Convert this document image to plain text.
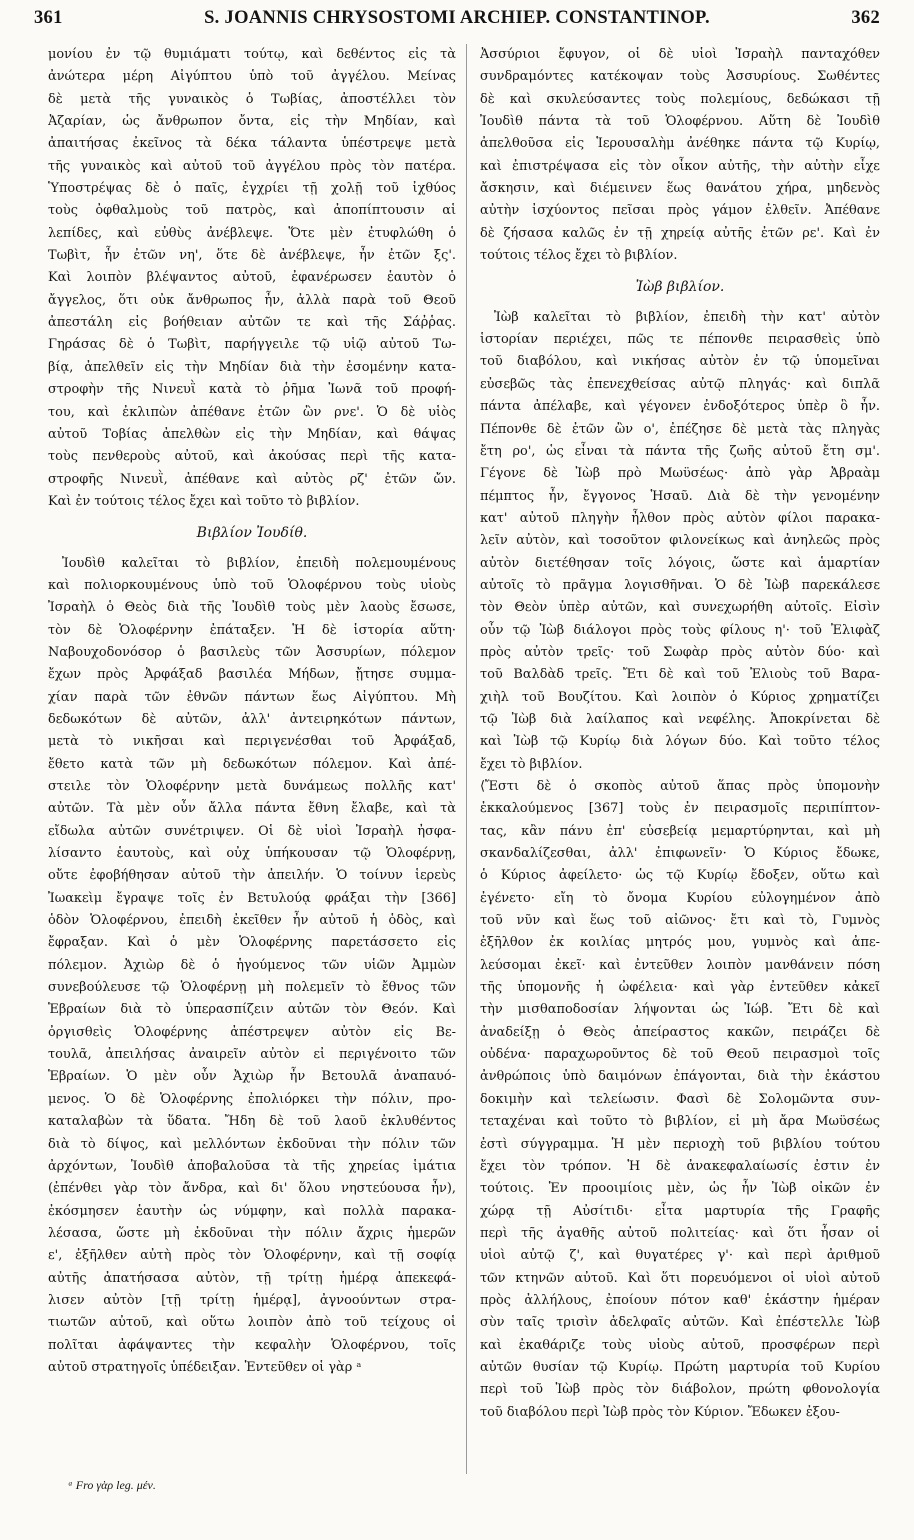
361	S. JOANNIS CHRYSOSTOMI ARCHIEP. CONSTANTINOP.	362
μονίου ἐν τῷ θυμιάματι τούτῳ, καὶ δεθέντος εἰς τὰ
ἀνώτερα μέρη Αἰγύπτου ὑπὸ τοῦ ἀγγέλου. Μείνας
δὲ μετὰ τῆς γυναικὸς ὁ Τωβίας, ἀποστέλλει τὸν
Ἀζαρίαν, ὡς ἄνθρωπον ὄντα, εἰς τὴν Μηδίαν, καὶ
ἀπαιτήσας ἐκεῖνος τὰ δέκα τάλαντα ὑπέστρεψε μετὰ
τῆς γυναικὸς καὶ αὐτοῦ τοῦ ἀγγέλου πρὸς τὸν πατέρα.
Ὑποστρέψας δὲ ὁ παῖς, ἐγχρίει τῇ χολῇ τοῦ ἰχθύος
τοὺς ὀφθαλμοὺς τοῦ πατρὸς, καὶ ἀποπίπτουσιν αἱ
λεπίδες, καὶ εὐθὺς ἀνέβλεψε. Ὅτε μὲν ἐτυφλώθη ὁ
Τωβὶτ, ἦν ἐτῶν νη', ὅτε δὲ ἀνέβλεψε, ἦν ἐτῶν ξς'.
Καὶ λοιπὸν βλέψαντος αὐτοῦ, ἐφανέρωσεν ἑαυτὸν ὁ
ἄγγελος, ὅτι οὐκ ἄνθρωπος ἦν, ἀλλὰ παρὰ τοῦ Θεοῦ
ἀπεστάλη εἰς βοήθειαν αὐτῶν τε καὶ τῆς Σάῤῥας.
Γηράσας δὲ ὁ Τωβὶτ, παρήγγειλε τῷ υἱῷ αὐτοῦ Τω-
βίᾳ, ἀπελθεῖν εἰς τὴν Μηδίαν διὰ τὴν ἐσομένην κατα-
στροφὴν τῆς Νινευῒ κατὰ τὸ ῥῆμα Ἰωνᾶ τοῦ προφή-
του, καὶ ἐκλιπὼν ἀπέθανε ἐτῶν ὢν ρνε'. Ὁ δὲ υἱὸς
αὐτοῦ Τοβίας ἀπελθὼν εἰς τὴν Μηδίαν, καὶ θάψας
τοὺς πενθεροὺς αὐτοῦ, καὶ ἀκούσας περὶ τῆς κατα-
στροφῆς Νινευῒ, ἀπέθανε καὶ αὐτὸς ρζ' ἐτῶν ὤν.
Καὶ ἐν τούτοις τέλος ἔχει καὶ τοῦτο τὸ βιβλίον.
Βιβλίον Ἰουδίθ.
Ἰουδὶθ καλεῖται τὸ βιβλίον, ἐπειδὴ πολεμουμένους
καὶ πολιορκουμένους ὑπὸ τοῦ Ὁλοφέρνου τοὺς υἱοὺς
Ἰσραὴλ ὁ Θεὸς διὰ τῆς Ἰουδὶθ τοὺς μὲν λαοὺς ἔσωσε,
τὸν δὲ Ὁλοφέρνην ἐπάταξεν. Ἡ δὲ ἱστορία αὕτη·
Ναβουχοδονόσορ ὁ βασιλεὺς τῶν Ἀσσυρίων, πόλεμον
ἔχων πρὸς Ἀρφάξαδ βασιλέα Μήδων, ᾔτησε συμμα-
χίαν παρὰ τῶν ἐθνῶν πάντων ἕως Αἰγύπτου. Μὴ
δεδωκότων δὲ αὐτῶν, ἀλλ' ἀντειρηκότων πάντων,
μετὰ τὸ νικῆσαι καὶ περιγενέσθαι τοῦ Ἀρφάξαδ,
ἔθετο κατὰ τῶν μὴ δεδωκότων πόλεμον. Καὶ ἀπέ-
στειλε τὸν Ὁλοφέρνην μετὰ δυνάμεως πολλῆς κατ'
αὐτῶν. Τὰ μὲν οὖν ἄλλα πάντα ἔθνη ἔλαβε, καὶ τὰ
εἴδωλα αὐτῶν συνέτριψεν. Οἱ δὲ υἱοὶ Ἰσραὴλ ἠσφα-
λίσαντο ἑαυτοὺς, καὶ οὐχ ὑπήκουσαν τῷ Ὁλοφέρνῃ,
οὔτε ἐφοβήθησαν αὐτοῦ τὴν ἀπειλήν. Ὁ τοίνυν ἱερεὺς
Ἰωακεὶμ ἔγραψε τοῖς ἐν Βετυλούᾳ φράξαι τὴν [366]
ὁδὸν Ὁλοφέρνου, ἐπειδὴ ἐκεῖθεν ἦν αὐτοῦ ἡ ὁδὸς, καὶ
ἔφραξαν. Καὶ ὁ μὲν Ὁλοφέρνης παρετάσσετο εἰς
πόλεμον. Ἀχιὼρ δὲ ὁ ἡγούμενος τῶν υἱῶν Ἀμμὼν
συνεβούλευσε τῷ Ὁλοφέρνῃ μὴ πολεμεῖν τὸ ἔθνος τῶν
Ἑβραίων διὰ τὸ ὑπερασπίζειν αὐτῶν τὸν Θεόν. Καὶ
ὀργισθεὶς Ὁλοφέρνης ἀπέστρεψεν αὐτὸν εἰς Βε-
τουλᾶ, ἀπειλήσας ἀναιρεῖν αὐτὸν εἰ περιγένοιτο τῶν
Ἑβραίων. Ὁ μὲν οὖν Ἀχιὼρ ἦν Βετουλᾶ ἀναπαυό-
μενος. Ὁ δὲ Ὁλοφέρνης ἐπολιόρκει τὴν πόλιν, προ-
καταλαβὼν τὰ ὕδατα. Ἤδη δὲ τοῦ λαοῦ ἐκλυθέντος
διὰ τὸ δίψος, καὶ μελλόντων ἐκδοῦναι τὴν πόλιν τῶν
ἀρχόντων, Ἰουδὶθ ἀποβαλοῦσα τὰ τῆς χηρείας ἱμάτια
(ἐπένθει γὰρ τὸν ἄνδρα, καὶ δι' ὅλου νηστεύουσα ἦν),
ἐκόσμησεν ἑαυτὴν ὡς νύμφην, καὶ πολλὰ παρακα-
λέσασα, ὥστε μὴ ἐκδοῦναι τὴν πόλιν ἄχρις ἡμερῶν
ε', ἐξῆλθεν αὐτὴ πρὸς τὸν Ὁλοφέρνην, καὶ τῇ σοφίᾳ
αὐτῆς ἀπατήσασα αὐτὸν, τῇ τρίτῃ ἡμέρᾳ ἀπεκεφά-
λισεν αὐτὸν [τῇ τρίτῃ ἡμέρᾳ], ἀγνοούντων στρα-
τιωτῶν αὐτοῦ, καὶ οὕτω λοιπὸν ἀπὸ τοῦ τείχους οἱ
πολῖται ἀφάψαντες τὴν κεφαλὴν Ὁλοφέρνου, τοῖς
αὐτοῦ στρατηγοῖς ὑπέδειξαν. Ἐντεῦθεν οἱ γὰρ ᵃ
Ἀσσύριοι ἔφυγον, οἱ δὲ υἱοὶ Ἰσραὴλ πανταχόθεν
συνδραμόντες κατέκοψαν τοὺς Ἀσσυρίους. Σωθέντες
δὲ καὶ σκυλεύσαντες τοὺς πολεμίους, δεδώκασι τῇ
Ἰουδὶθ πάντα τὰ τοῦ Ὁλοφέρνου. Αὕτη δὲ Ἰουδὶθ
ἀπελθοῦσα εἰς Ἱερουσαλὴμ ἀνέθηκε πάντα τῷ Κυρίῳ,
καὶ ἐπιστρέψασα εἰς τὸν οἶκον αὐτῆς, τὴν αὐτὴν εἶχε
ἄσκησιν, καὶ διέμεινεν ἕως θανάτου χήρα, μηδενὸς
αὐτὴν ἰσχύοντος πεῖσαι πρὸς γάμον ἐλθεῖν. Ἀπέθανε
δὲ ζήσασα καλῶς ἐν τῇ χηρείᾳ αὐτῆς ἐτῶν ρε'. Καὶ ἐν
τούτοις τέλος ἔχει τὸ βιβλίον.
Ἰὼβ βιβλίον.
Ἰὼβ καλεῖται τὸ βιβλίον, ἐπειδὴ τὴν κατ' αὐτὸν
ἱστορίαν περιέχει, πῶς τε πέπονθε πειρασθεὶς ὑπὸ
τοῦ διαβόλου, καὶ νικήσας αὐτὸν ἐν τῷ ὑπομεῖναι
εὐσεβῶς τὰς ἐπενεχθείσας αὐτῷ πληγάς· καὶ διπλᾶ
πάντα ἀπέλαβε, καὶ γέγονεν ἐνδοξότερος ὑπὲρ ὃ ἦν.
Πέπονθε δὲ ἐτῶν ὢν ο', ἐπέζησε δὲ μετὰ τὰς πληγὰς
ἔτη ρο', ὡς εἶναι τὰ πάντα τῆς ζωῆς αὐτοῦ ἔτη σμ'.
Γέγονε δὲ Ἰὼβ πρὸ Μωϋσέως· ἀπὸ γὰρ Ἀβραὰμ
πέμπτος ἦν, ἔγγονος Ἡσαῦ. Διὰ δὲ τὴν γενομένην
κατ' αὐτοῦ πληγὴν ἦλθον πρὸς αὐτὸν φίλοι παρακα-
λεῖν αὐτὸν, καὶ τοσοῦτον φιλονείκως καὶ ἀνηλεῶς πρὸς
αὐτὸν διετέθησαν τοῖς λόγοις, ὥστε καὶ ἁμαρτίαν
αὐτοῖς τὸ πρᾶγμα λογισθῆναι. Ὁ δὲ Ἰὼβ παρεκάλεσε
τὸν Θεὸν ὑπὲρ αὐτῶν, καὶ συνεχωρήθη αὐτοῖς. Εἰσὶν
οὖν τῷ Ἰὼβ διάλογοι πρὸς τοὺς φίλους η'· τοῦ Ἐλιφὰζ
πρὸς αὐτὸν τρεῖς· τοῦ Σωφὰρ πρὸς αὐτὸν δύο· καὶ
τοῦ Βαλδὰδ τρεῖς. Ἔτι δὲ καὶ τοῦ Ἐλιοὺς τοῦ Βαρα-
χιὴλ τοῦ Βουζίτου. Καὶ λοιπὸν ὁ Κύριος χρηματίζει
τῷ Ἰὼβ διὰ λαίλαπος καὶ νεφέλης. Ἀποκρίνεται δὲ
καὶ Ἰὼβ τῷ Κυρίῳ διὰ λόγων δύο. Καὶ τοῦτο τέλος
ἔχει τὸ βιβλίον.
⟨Ἔστι δὲ ὁ σκοπὸς αὐτοῦ ἅπας πρὸς ὑπομονὴν
ἐκκαλούμενος [367] τοὺς ἐν πειρασμοῖς περιπίπτον-
τας, κἂν πάνυ ἐπ' εὐσεβείᾳ μεμαρτύρηνται, καὶ μὴ
σκανδαλίζεσθαι, ἀλλ' ἐπιφωνεῖν· Ὁ Κύριος ἔδωκε,
ὁ Κύριος ἀφείλετο· ὡς τῷ Κυρίῳ ἔδοξεν, οὕτω καὶ
ἐγένετο· εἴη τὸ ὄνομα Κυρίου εὐλογημένον ἀπὸ
τοῦ νῦν καὶ ἕως τοῦ αἰῶνος· ἔτι καὶ τὸ, Γυμνὸς
ἐξῆλθον ἐκ κοιλίας μητρός μου, γυμνὸς καὶ ἀπε-
λεύσομαι ἐκεῖ· καὶ ἐντεῦθεν λοιπὸν μανθάνειν πόση
τῆς ὑπομονῆς ἡ ὠφέλεια· καὶ γὰρ ἐντεῦθεν κἀκεῖ
τὴν μισθαποδοσίαν λήψονται ὡς Ἰώβ. Ἔτι δὲ καὶ
ἀναδείξῃ ὁ Θεὸς ἀπείραστος κακῶν, πειράζει δὲ
οὐδένα· παραχωροῦντος δὲ τοῦ Θεοῦ πειρασμοὶ τοῖς
ἀνθρώποις ὑπὸ δαιμόνων ἐπάγονται, διὰ τὴν ἑκάστου
δοκιμὴν καὶ τελείωσιν. Φασὶ δὲ Σολομῶντα συν-
τεταχέναι καὶ τοῦτο τὸ βιβλίον, εἰ μὴ ἄρα Μωϋσέως
ἐστὶ σύγγραμμα. Ἡ μὲν περιοχὴ τοῦ βιβλίου τούτου
ἔχει τὸν τρόπον. Ἡ δὲ ἀνακεφαλαίωσίς ἐστιν ἐν
τούτοις. Ἐν προοιμίοις μὲν, ὡς ἦν Ἰὼβ οἰκῶν ἐν
χώρᾳ τῇ Αὐσίτιδι· εἶτα μαρτυρία τῆς Γραφῆς
περὶ τῆς ἀγαθῆς αὐτοῦ πολιτείας· καὶ ὅτι ἦσαν οἱ
υἱοὶ αὐτῷ ζ', καὶ θυγατέρες γ'· καὶ περὶ ἀριθμοῦ
τῶν κτηνῶν αὐτοῦ. Καὶ ὅτι πορευόμενοι οἱ υἱοὶ αὐτοῦ
πρὸς ἀλλήλους, ἐποίουν πότον καθ' ἑκάστην ἡμέραν
σὺν ταῖς τρισὶν ἀδελφαῖς αὐτῶν. Καὶ ἐπέστελλε Ἰὼβ
καὶ ἐκαθάριζε τοὺς υἱοὺς αὐτοῦ, προσφέρων περὶ
αὐτῶν θυσίαν τῷ Κυρίῳ. Πρώτη μαρτυρία τοῦ Κυρίου
περὶ τοῦ Ἰὼβ πρὸς τὸν διάβολον, πρώτη φθονολογία
τοῦ διαβόλου περὶ Ἰὼβ πρὸς τὸν Κύριον. Ἔδωκεν ἐξου-
ᵃ Fro γὰρ leg. μέν.
